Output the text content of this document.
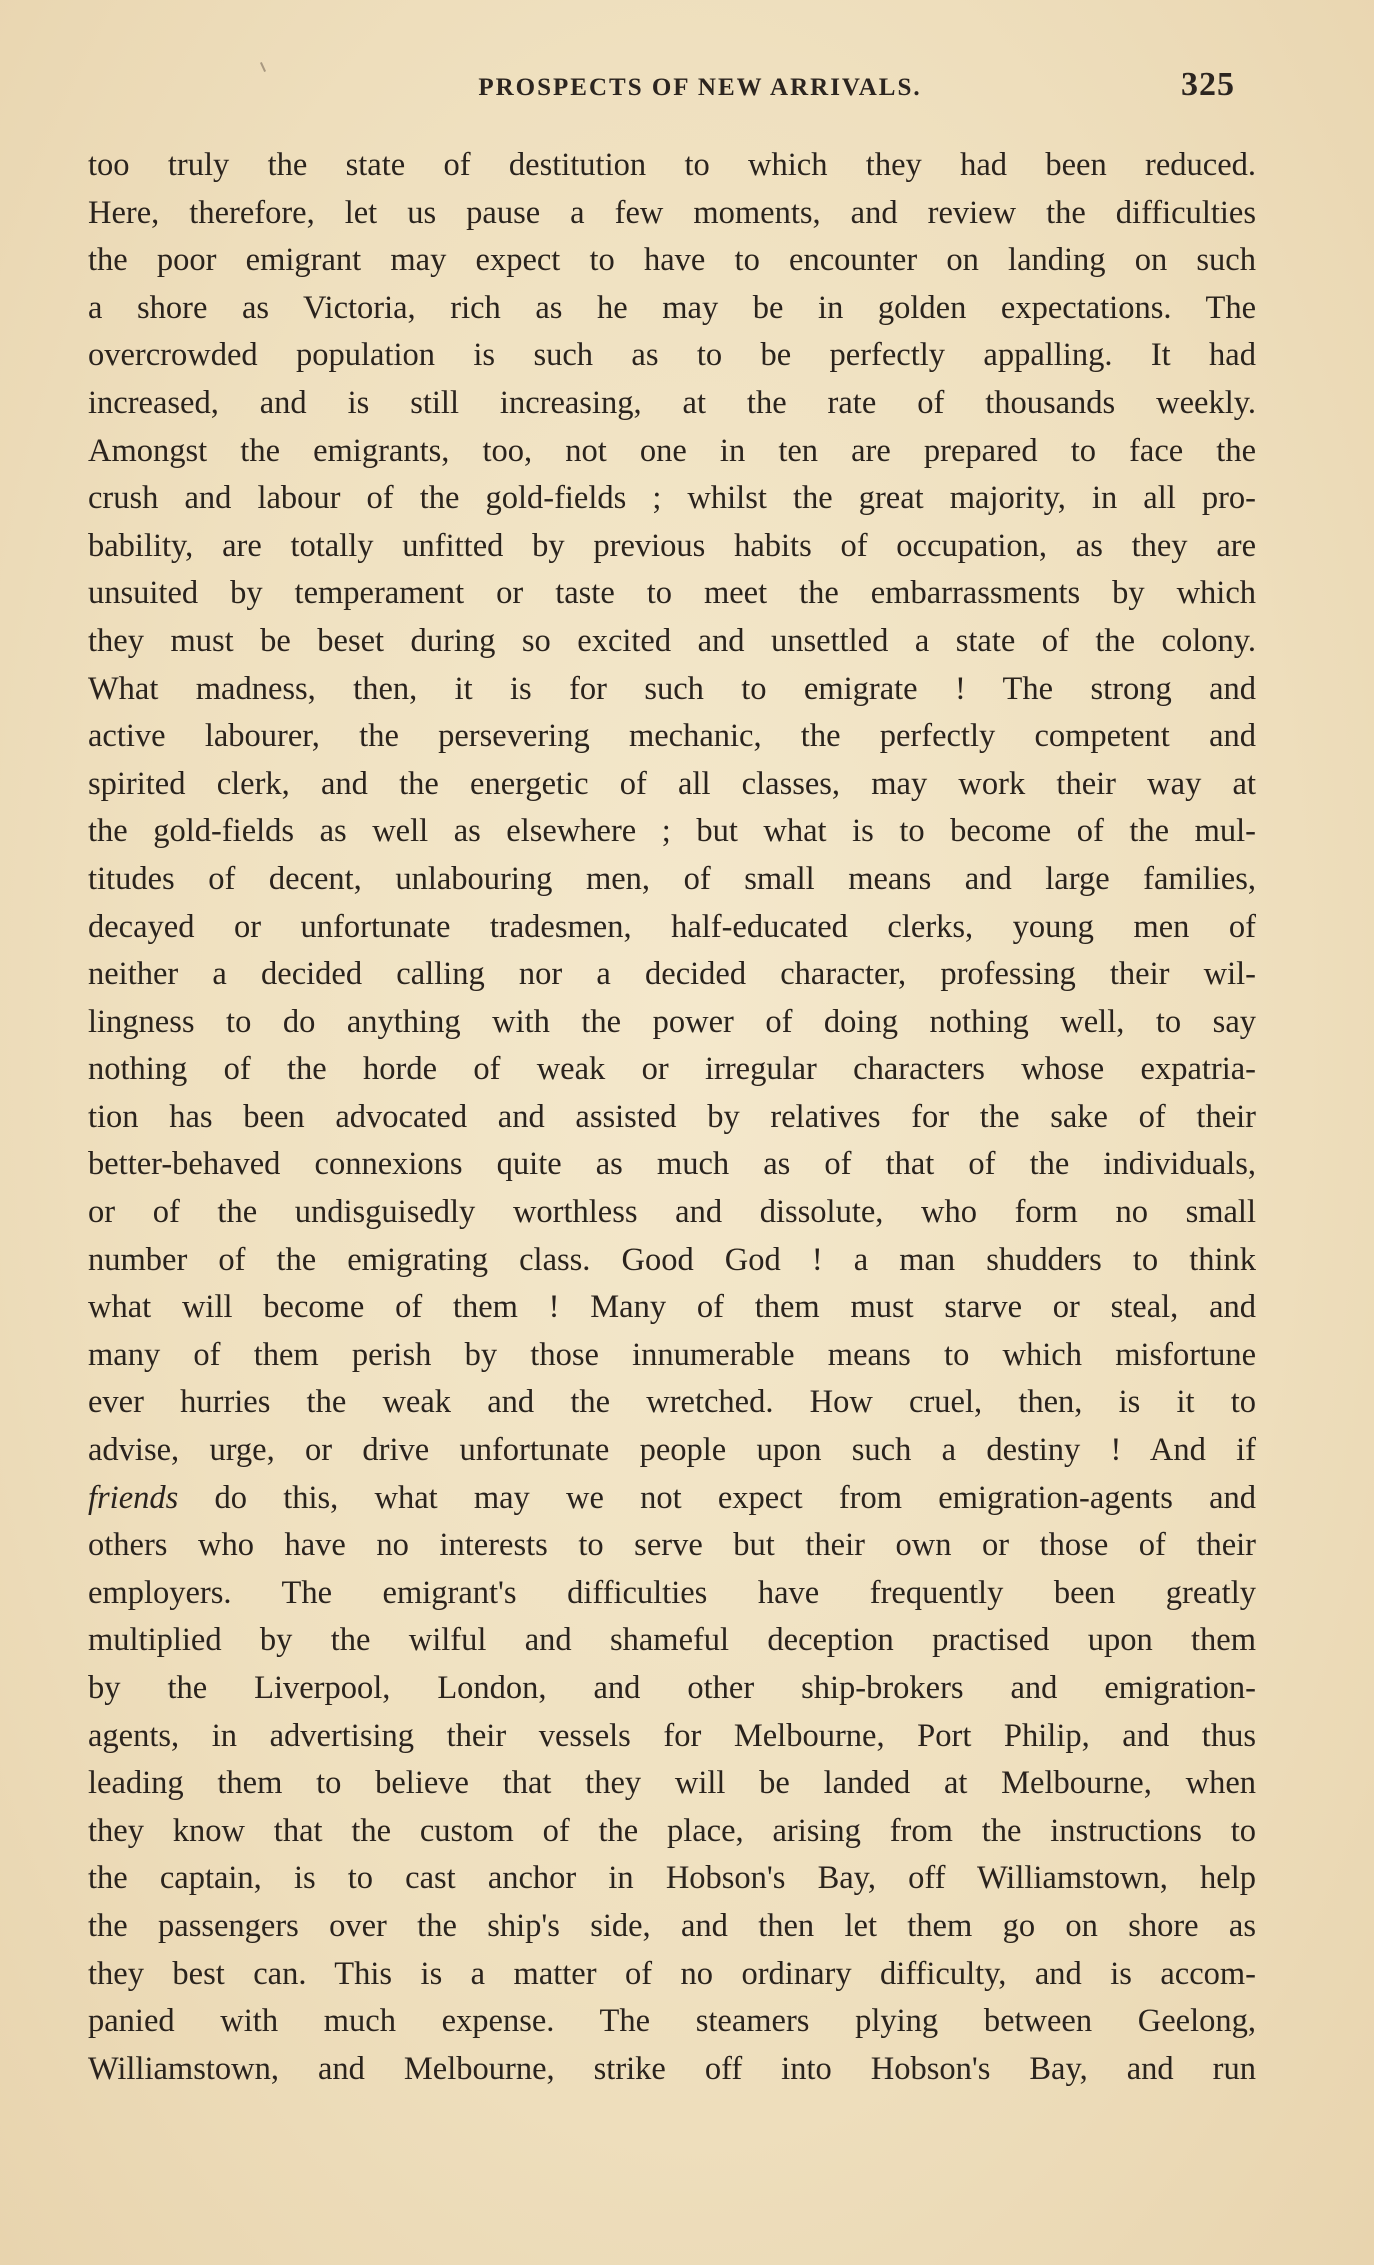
PROSPECTS OF NEW ARRIVALS.	325
too truly the state of destitution to which they had been reduced.
Here, therefore, let us pause a few moments, and review the difficulties
the poor emigrant may expect to have to encounter on landing on such
a shore as Victoria, rich as he may be in golden expectations. The
overcrowded population is such as to be perfectly appalling. It had
increased, and is still increasing, at the rate of thousands weekly.
Amongst the emigrants, too, not one in ten are prepared to face the
crush and labour of the gold-fields ; whilst the great majority, in all pro-
bability, are totally unfitted by previous habits of occupation, as they are
unsuited by temperament or taste to meet the embarrassments by which
they must be beset during so excited and unsettled a state of the colony.
What madness, then, it is for such to emigrate ! The strong and
active labourer, the persevering mechanic, the perfectly competent and
spirited clerk, and the energetic of all classes, may work their way at
the gold-fields as well as elsewhere ; but what is to become of the mul-
titudes of decent, unlabouring men, of small means and large families,
decayed or unfortunate tradesmen, half-educated clerks, young men of
neither a decided calling nor a decided character, professing their wil-
lingness to do anything with the power of doing nothing well, to say
nothing of the horde of weak or irregular characters whose expatria-
tion has been advocated and assisted by relatives for the sake of their
better-behaved connexions quite as much as of that of the individuals,
or of the undisguisedly worthless and dissolute, who form no small
number of the emigrating class. Good God ! a man shudders to think
what will become of them ! Many of them must starve or steal, and
many of them perish by those innumerable means to which misfortune
ever hurries the weak and the wretched. How cruel, then, is it to
advise, urge, or drive unfortunate people upon such a destiny ! And if
friends do this, what may we not expect from emigration-agents and
others who have no interests to serve but their own or those of their
employers. The emigrant's difficulties have frequently been greatly
multiplied by the wilful and shameful deception practised upon them
by the Liverpool, London, and other ship-brokers and emigration-
agents, in advertising their vessels for Melbourne, Port Philip, and thus
leading them to believe that they will be landed at Melbourne, when
they know that the custom of the place, arising from the instructions to
the captain, is to cast anchor in Hobson's Bay, off Williamstown, help
the passengers over the ship's side, and then let them go on shore as
they best can. This is a matter of no ordinary difficulty, and is accom-
panied with much expense. The steamers plying between Geelong,
Williamstown, and Melbourne, strike off into Hobson's Bay, and run
